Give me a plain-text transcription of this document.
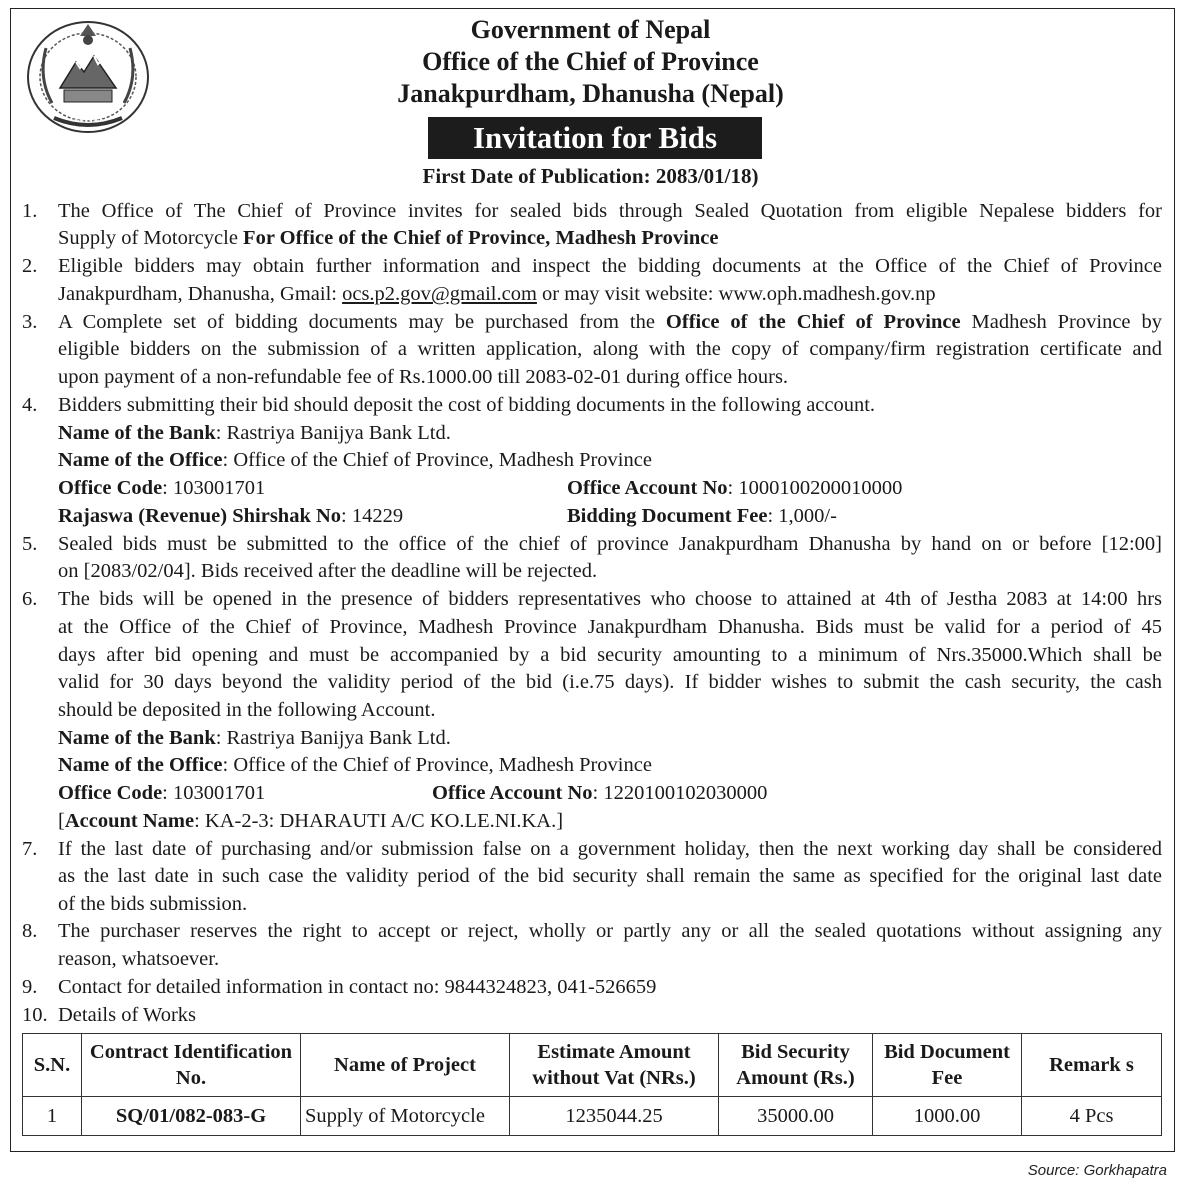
Government of Nepal
Office of the Chief of Province
Janakpurdham, Dhanusha (Nepal)
Invitation for Bids
First Date of Publication: 2083/01/18)
1. The Office of The Chief of Province invites for sealed bids through Sealed Quotation from eligible Nepalese bidders for
Supply of Motorcycle For Office of the Chief of Province, Madhesh Province
2. Eligible bidders may obtain further information and inspect the bidding documents at the Office of the Chief of Province
Janakpurdham, Dhanusha, Gmail: ocs.p2.gov@gmail.com or may visit website: www.oph.madhesh.gov.np
3. A Complete set of bidding documents may be purchased from the Office of the Chief of Province Madhesh Province by
eligible bidders on the submission of a written application, along with the copy of company/firm registration certificate and
upon payment of a non-refundable fee of Rs.1000.00 till 2083-02-01 during office hours.
4. Bidders submitting their bid should deposit the cost of bidding documents in the following account.
Name of the Bank: Rastriya Banijya Bank Ltd.
Name of the Office: Office of the Chief of Province, Madhesh Province
Office Code: 103001701	Office Account No: 1000100200010000
Rajaswa (Revenue) Shirshak No: 14229	Bidding Document Fee: 1,000/-
5. Sealed bids must be submitted to the office of the chief of province Janakpurdham Dhanusha by hand on or before [12:00]
on [2083/02/04]. Bids received after the deadline will be rejected.
6. The bids will be opened in the presence of bidders representatives who choose to attained at 4th of Jestha 2083 at 14:00 hrs
at the Office of the Chief of Province, Madhesh Province Janakpurdham Dhanusha. Bids must be valid for a period of 45
days after bid opening and must be accompanied by a bid security amounting to a minimum of Nrs.35000.Which shall be
valid for 30 days beyond the validity period of the bid (i.e.75 days). If bidder wishes to submit the cash security, the cash
should be deposited in the following Account.
Name of the Bank: Rastriya Banijya Bank Ltd.
Name of the Office: Office of the Chief of Province, Madhesh Province
Office Code: 103001701	Office Account No: 1220100102030000
[Account Name: KA-2-3: DHARAUTI A/C KO.LE.NI.KA.]
7. If the last date of purchasing and/or submission false on a government holiday, then the next working day shall be considered
as the last date in such case the validity period of the bid security shall remain the same as specified for the original last date
of the bids submission.
8. The purchaser reserves the right to accept or reject, wholly or partly any or all the sealed quotations without assigning any
reason, whatsoever.
9. Contact for detailed information in contact no: 9844324823, 041-526659
10. Details of Works
S.N.	Contract Identification No.	Name of Project	Estimate Amount without Vat (NRs.)	Bid Security Amount (Rs.)	Bid Document Fee	Remark s
1	SQ/01/082-083-G	Supply of Motorcycle	1235044.25	35000.00	1000.00	4 Pcs
Source: Gorkhapatra
